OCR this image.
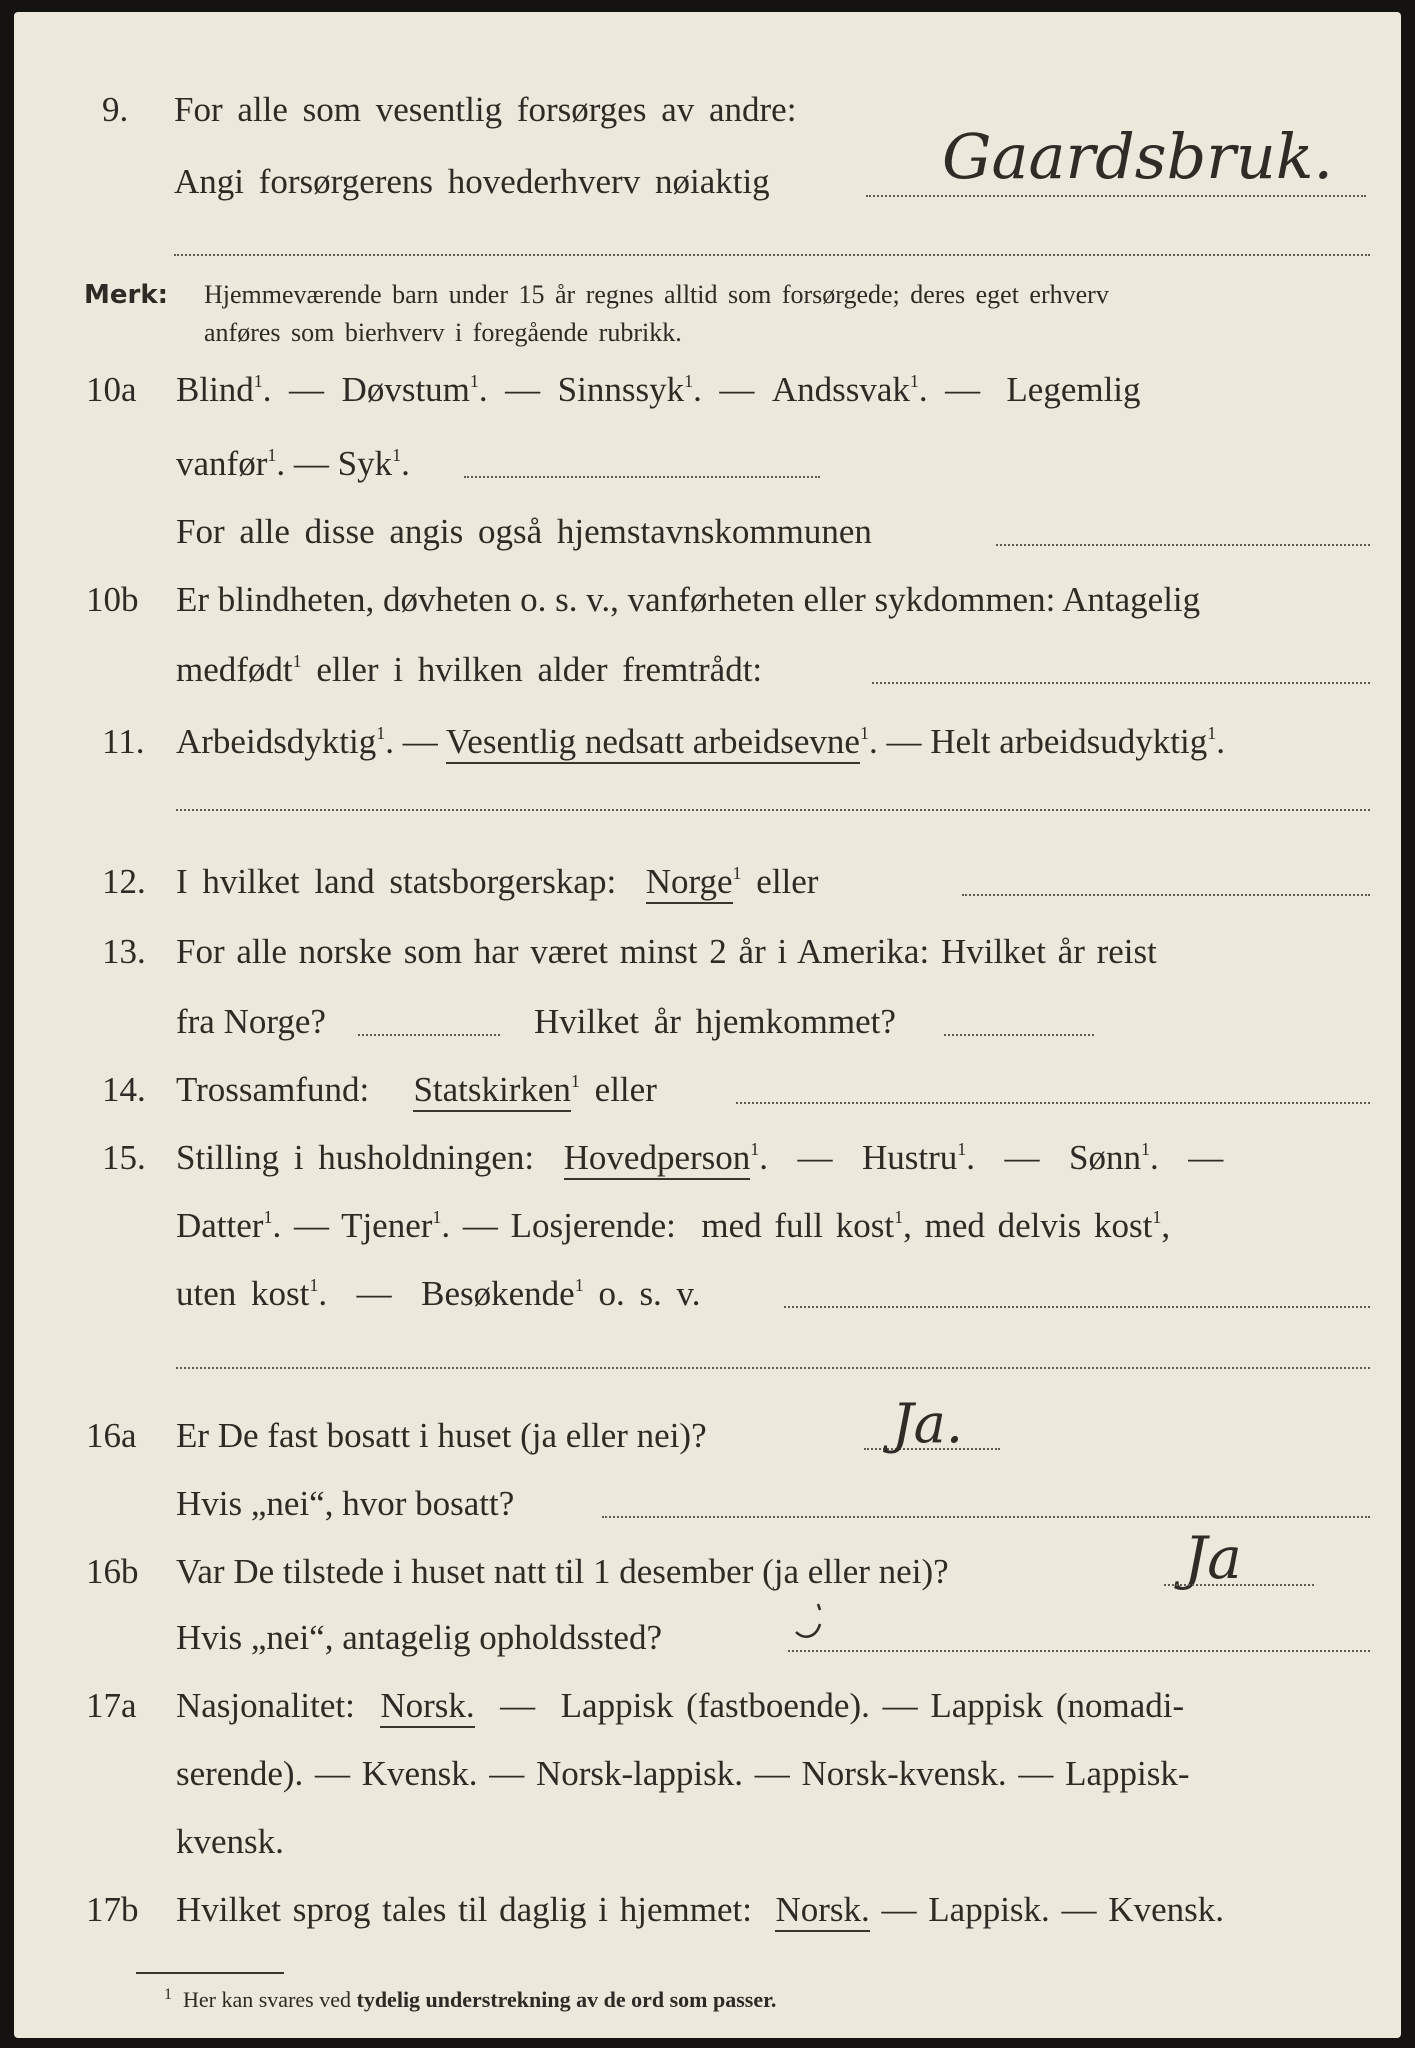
9. For alle som vesentlig forsørges av andre:
Angi forsørgerens hovederhverv nøiaktig	Gaardsbruk.
Merk: Hjemmeværende barn under 15 år regnes alltid som forsørgede; deres eget erhverv
anføres som bierhverv i foregående rubrikk.
10a Blind$^1$.  —  Døvstum$^1$.  —  Sinnssyk$^1$.  —  Andssvak$^1$.  —   Legemlig
vanfør$^1$. — Syk$^1$.
For alle disse angis også hjemstavnskommunen
10b Er blindheten, døvheten o. s. v., vanførheten eller sykdommen: Antagelig
medfødt$^1$ eller i hvilken alder fremtrådt:
11. Arbeidsdyktig$^1$. — Vesentlig nedsatt arbeidsevne$^1$. — Helt arbeidsudyktig$^1$.
12. I hvilket land statsborgerskap: Norge$^1$ eller
13. For alle norske som har været minst 2 år i Amerika: Hvilket år reist
fra Norge?	Hvilket år hjemkommet?
14. Trossamfund: Statskirken$^1$ eller
15. Stilling i husholdningen: Hovedperson$^1$.  —  Hustru$^1$.  —  Sønn$^1$.  —
Datter$^1$. — Tjener$^1$. — Losjerende: med full kost$^1$, med delvis kost$^1$,
uten kost$^1$.  —  Besøkende$^1$ o. s. v.
16a Er De fast bosatt i huset (ja eller nei)?	Ja.
Hvis „nei“, hvor bosatt?
16b Var De tilstede i huset natt til 1 desember (ja eller nei)?	Ja
Hvis „nei“, antagelig opholdssted?
17a Nasjonalitet: Norsk.  —  Lappisk (fastboende). — Lappisk (nomadi-
serende). — Kvensk. — Norsk-lappisk. — Norsk-kvensk. — Lappisk-
kvensk.
17b Hvilket sprog tales til daglig i hjemmet: Norsk. — Lappisk. — Kvensk.
$^1$ Her kan svares ved tydelig understrekning av de ord som passer.
